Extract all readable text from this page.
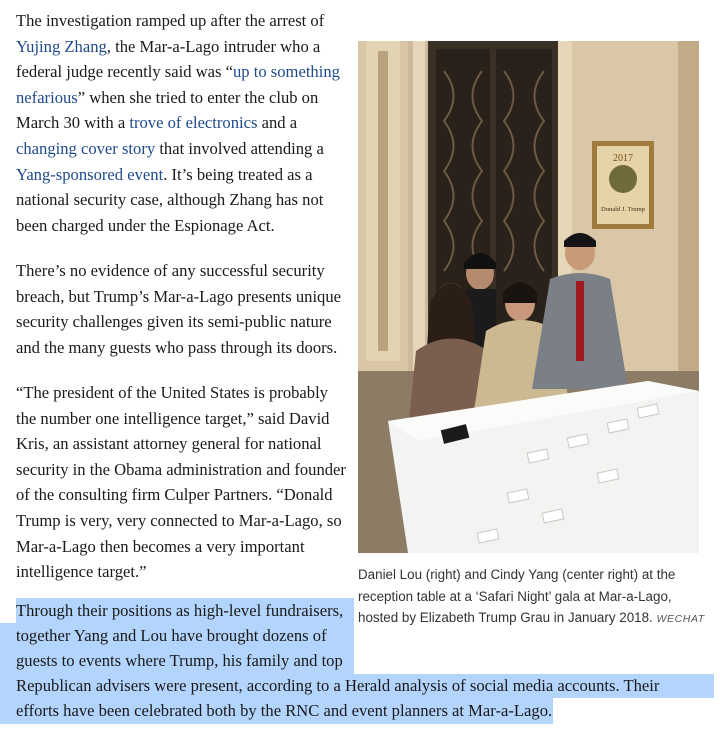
The investigation ramped up after the arrest of Yujing Zhang, the Mar-a-Lago intruder who a federal judge recently said was “up to something nefarious” when she tried to enter the club on March 30 with a trove of electronics and a changing cover story that involved attending a Yang-sponsored event. It’s being treated as a national security case, although Zhang has not been charged under the Espionage Act.

There’s no evidence of any successful security breach, but Trump’s Mar-a-Lago presents unique security challenges given its semi-public nature and the many guests who pass through its doors.

“The president of the United States is probably the number one intelligence target,” said David Kris, an assistant attorney general for national security in the Obama administration and founder of the consulting firm Culper Partners. “Donald Trump is very, very connected to Mar-a-Lago, so Mar-a-Lago then becomes a very important intelligence target.”

2017
Donald J. Trump
Daniel Lou (right) and Cindy Yang (center right) at the reception table at a ‘Safari Night’ gala at Mar-a-Lago, hosted by Elizabeth Trump Grau in January 2018. WECHAT
Through their positions as high-level fundraisers,
together Yang and Lou have brought dozens of
guests to events where Trump, his family and top
Republican advisers were present, according to a Herald analysis of social media accounts. Their
efforts have been celebrated both by the RNC and event planners at Mar-a-Lago.
